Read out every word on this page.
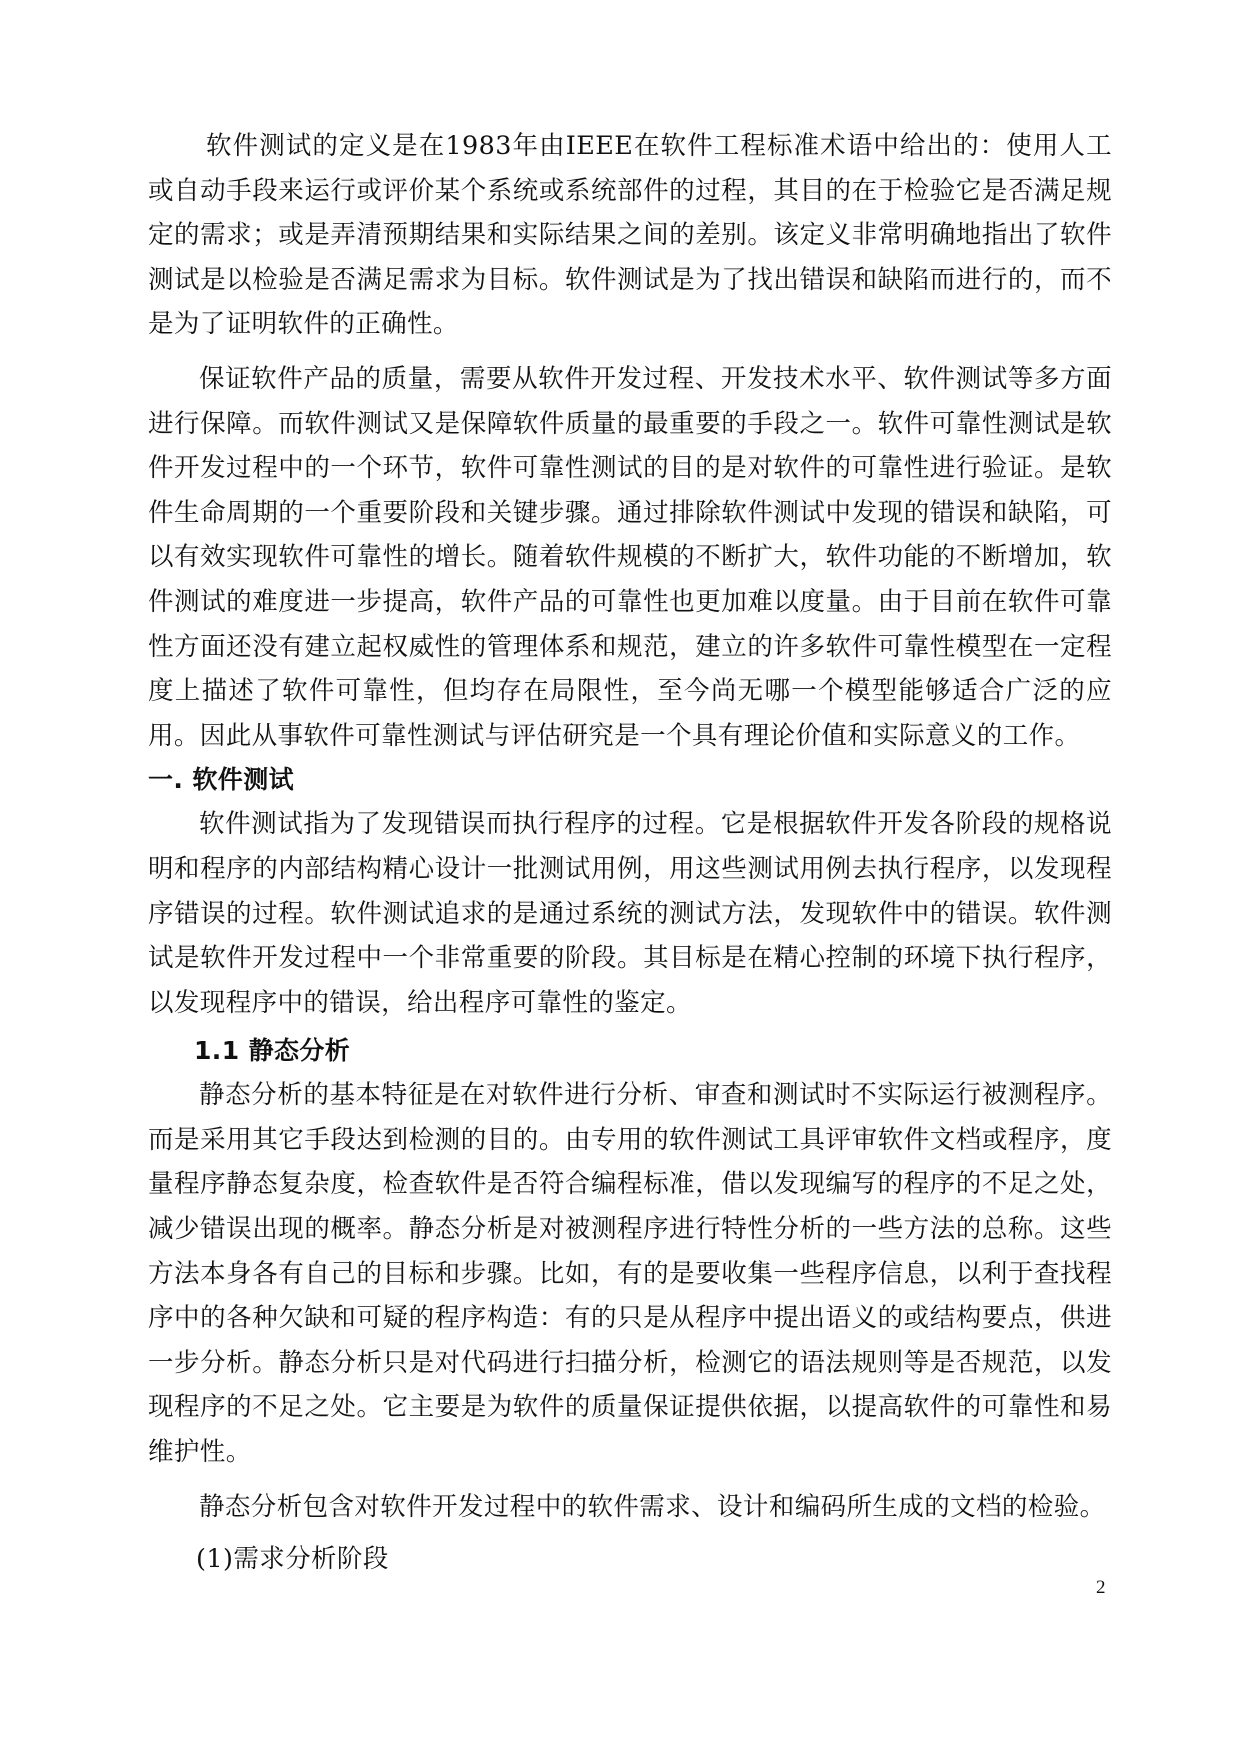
软件测试的定义是在1983年由IEEE在软件工程标准术语中给出的：使用人工或自动手段来运行或评价某个系统或系统部件的过程，其目的在于检验它是否满足规定的需求；或是弄清预期结果和实际结果之间的差别。该定义非常明确地指出了软件测试是以检验是否满足需求为目标。软件测试是为了找出错误和缺陷而进行的，而不是为了证明软件的正确性。

保证软件产品的质量，需要从软件开发过程、开发技术水平、软件测试等多方面进行保障。而软件测试又是保障软件质量的最重要的手段之一。软件可靠性测试是软件开发过程中的一个环节，软件可靠性测试的目的是对软件的可靠性进行验证。是软件生命周期的一个重要阶段和关键步骤。通过排除软件测试中发现的错误和缺陷，可以有效实现软件可靠性的增长。随着软件规模的不断扩大，软件功能的不断增加，软件测试的难度进一步提高，软件产品的可靠性也更加难以度量。由于目前在软件可靠性方面还没有建立起权威性的管理体系和规范，建立的许多软件可靠性模型在一定程度上描述了软件可靠性，但均存在局限性，至今尚无哪一个模型能够适合广泛的应用。因此从事软件可靠性测试与评估研究是一个具有理论价值和实际意义的工作。

一. 软件测试

软件测试指为了发现错误而执行程序的过程。它是根据软件开发各阶段的规格说明和程序的内部结构精心设计一批测试用例，用这些测试用例去执行程序，以发现程序错误的过程。软件测试追求的是通过系统的测试方法，发现软件中的错误。软件测试是软件开发过程中一个非常重要的阶段。其目标是在精心控制的环境下执行程序，以发现程序中的错误，给出程序可靠性的鉴定。

1.1 静态分析

静态分析的基本特征是在对软件进行分析、审查和测试时不实际运行被测程序。而是采用其它手段达到检测的目的。由专用的软件测试工具评审软件文档或程序，度量程序静态复杂度，检查软件是否符合编程标准，借以发现编写的程序的不足之处，减少错误出现的概率。静态分析是对被测程序进行特性分析的一些方法的总称。这些方法本身各有自己的目标和步骤。比如，有的是要收集一些程序信息，以利于查找程序中的各种欠缺和可疑的程序构造：有的只是从程序中提出语义的或结构要点，供进一步分析。静态分析只是对代码进行扫描分析，检测它的语法规则等是否规范，以发现程序的不足之处。它主要是为软件的质量保证提供依据，以提高软件的可靠性和易维护性。

静态分析包含对软件开发过程中的软件需求、设计和编码所生成的文档的检验。

(1)需求分析阶段
2
